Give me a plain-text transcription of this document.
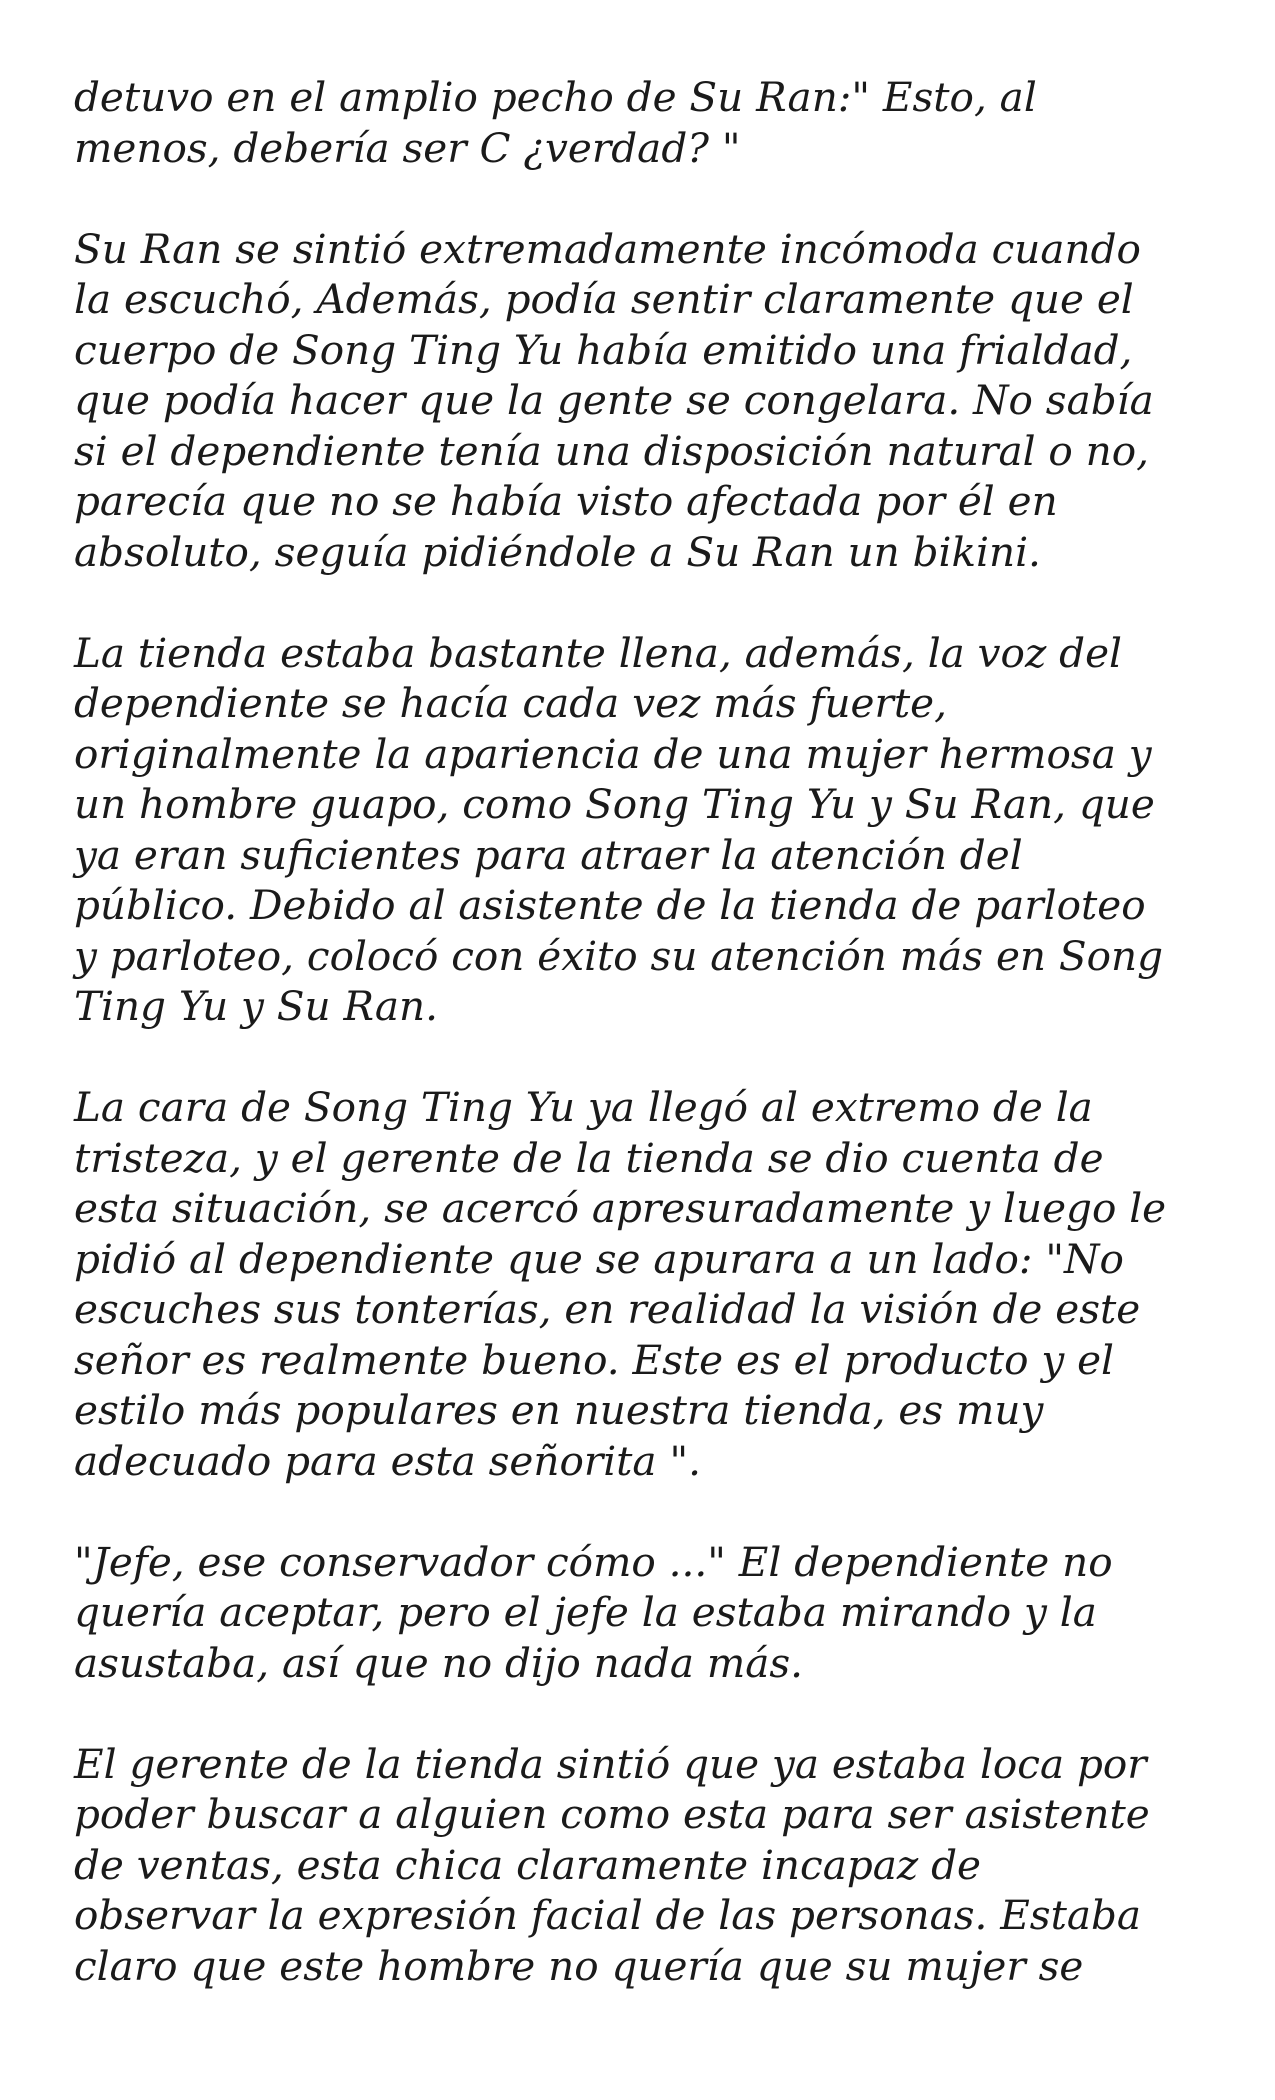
detuvo en el amplio pecho de Su Ran:" Esto, al
menos, debería ser C ¿verdad? "

Su Ran se sintió extremadamente incómoda cuando
la escuchó, Además, podía sentir claramente que el
cuerpo de Song Ting Yu había emitido una frialdad,
que podía hacer que la gente se congelara. No sabía
si el dependiente tenía una disposición natural o no,
parecía que no se había visto afectada por él en
absoluto, seguía pidiéndole a Su Ran un bikini.

La tienda estaba bastante llena, además, la voz del
dependiente se hacía cada vez más fuerte,
originalmente la apariencia de una mujer hermosa y
un hombre guapo, como Song Ting Yu y Su Ran, que
ya eran suficientes para atraer la atención del
público. Debido al asistente de la tienda de parloteo
y parloteo, colocó con éxito su atención más en Song
Ting Yu y Su Ran.

La cara de Song Ting Yu ya llegó al extremo de la
tristeza, y el gerente de la tienda se dio cuenta de
esta situación, se acercó apresuradamente y luego le
pidió al dependiente que se apurara a un lado: "No
escuches sus tonterías, en realidad la visión de este
señor es realmente bueno. Este es el producto y el
estilo más populares en nuestra tienda, es muy
adecuado para esta señorita ".

"Jefe, ese conservador cómo ..." El dependiente no
quería aceptar, pero el jefe la estaba mirando y la
asustaba, así que no dijo nada más.

El gerente de la tienda sintió que ya estaba loca por
poder buscar a alguien como esta para ser asistente
de ventas, esta chica claramente incapaz de
observar la expresión facial de las personas. Estaba
claro que este hombre no quería que su mujer se
